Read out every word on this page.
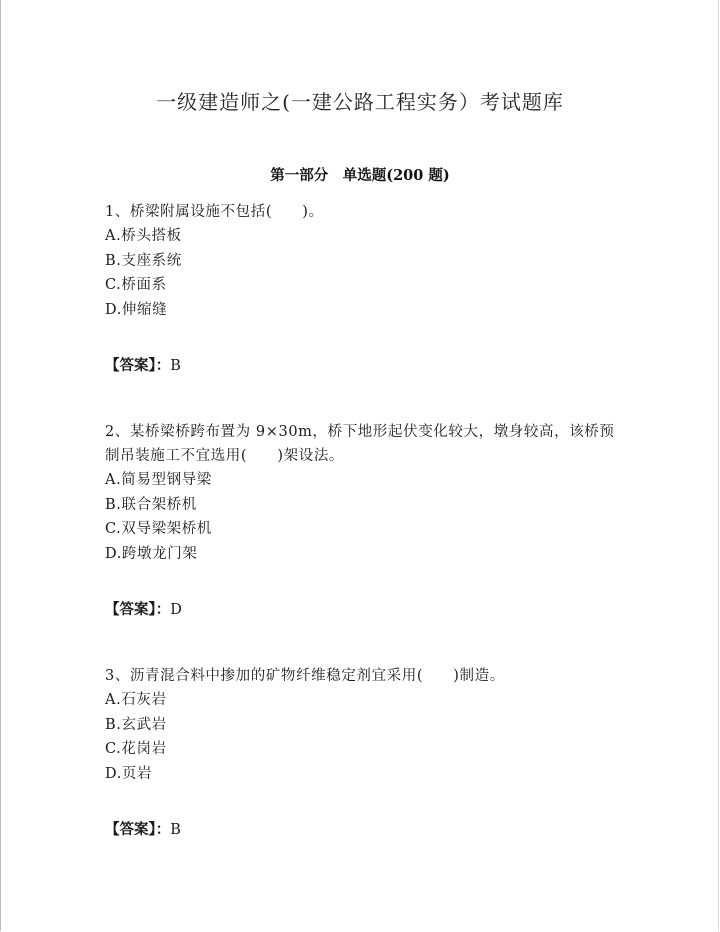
一级建造师之(一建公路工程实务）考试题库
第一部分　单选题(200 题)

1、桥梁附属设施不包括(　　)。

A.桥头搭板

B.支座系统

C.桥面系

D.伸缩缝

【答案】：B

2、某桥梁桥跨布置为 9×30m，桥下地形起伏变化较大，墩身较高，该桥预制吊装施工不宜选用(　　)架设法。

A.简易型钢导梁

B.联合架桥机

C.双导梁架桥机

D.跨墩龙门架

【答案】：D

3、沥青混合料中掺加的矿物纤维稳定剂宜采用(　　)制造。

A.石灰岩

B.玄武岩

C.花岗岩

D.页岩

【答案】：B
